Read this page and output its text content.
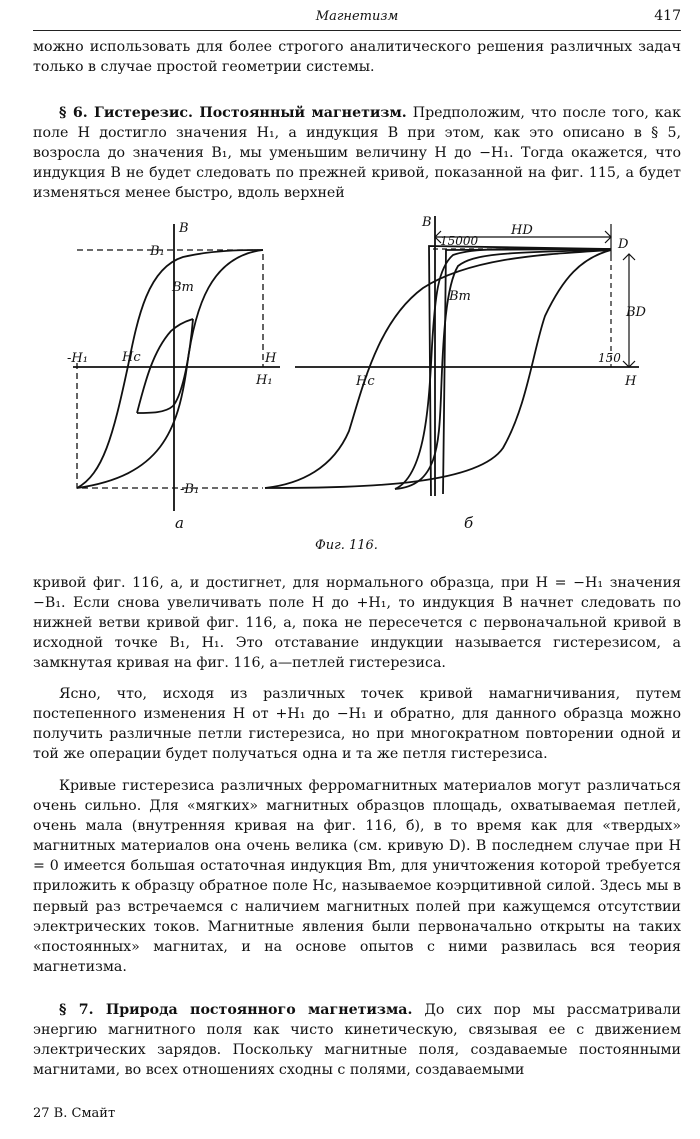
Магнетизм	417

можно использовать для более строгого аналитического решения различных задач только в случае простой геометрии системы.

§ 6. Гистерезис. Постоянный магнетизм. Предположим, что после того, как поле H достигло значения H₁, а индукция B при этом, как это описано в § 5, возросла до значения B₁, мы уменьшим величину H до −H₁. Тогда окажется, что индукция B не будет следовать по прежней кривой, показанной на фиг. 115, а будет изменяться менее быстро, вдоль верхней

B
B₁
Bm
-H₁	Hc	H
H₁
-B₁
а
B
HD
15000	D
Bm
BD
Hc
150
H
б
Фиг. 116.

кривой фиг. 116, а, и достигнет, для нормального образца, при H = −H₁ значения −B₁. Если снова увеличивать поле H до +H₁, то индукция B начнет следовать по нижней ветви кривой фиг. 116, а, пока не пересечется с первоначальной кривой в исходной точке B₁, H₁. Это отставание индукции называется гистерезисом, а замкнутая кривая на фиг. 116, а—петлей гистерезиса.

Ясно, что, исходя из различных точек кривой намагничивания, путем постепенного изменения H от +H₁ до −H₁ и обратно, для данного образца можно получить различные петли гистерезиса, но при многократном повторении одной и той же операции будет получаться одна и та же петля гистерезиса.

Кривые гистерезиса различных ферромагнитных материалов могут различаться очень сильно. Для «мягких» магнитных образцов площадь, охватываемая петлей, очень мала (внутренняя кривая на фиг. 116, б), в то время как для «твердых» магнитных материалов она очень велика (см. кривую D). В последнем случае при H = 0 имеется большая остаточная индукция Bm, для уничтожения которой требуется приложить к образцу обратное поле Hc, называемое коэрцитивной силой. Здесь мы в первый раз встречаемся с наличием магнитных полей при кажущемся отсутствии электрических токов. Магнитные явления были первоначально открыты на таких «постоянных» магнитах, и на основе опытов с ними развилась вся теория магнетизма.

§ 7. Природа постоянного магнетизма. До сих пор мы рассматривали энергию магнитного поля как чисто кинетическую, связывая ее с движением электрических зарядов. Поскольку магнитные поля, создаваемые постоянными магнитами, во всех отношениях сходны с полями, создаваемыми

27 В. Смайт
